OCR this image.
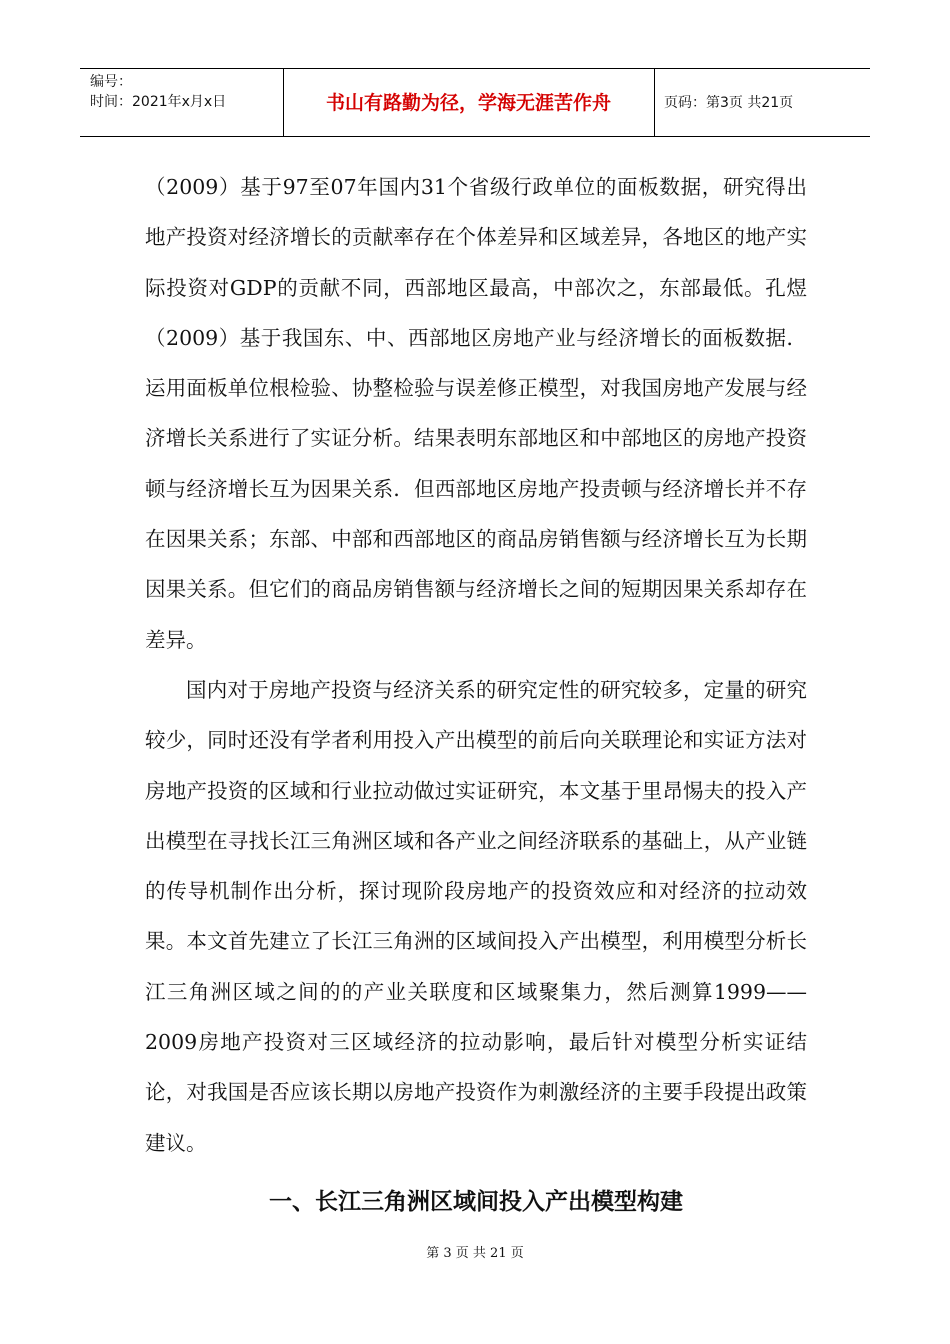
编号：
时间：2021年x月x日	书山有路勤为径，学海无涯苦作舟	页码：第3页 共21页

（2009）基于97至07年国内31个省级行政单位的面板数据，研究得出地产投资对经济增长的贡献率存在个体差异和区域差异，各地区的地产实际投资对GDP的贡献不同，西部地区最高，中部次之，东部最低。孔煜（2009）基于我国东、中、西部地区房地产业与经济增长的面板数据．运用面板单位根检验、协整检验与误差修正模型，对我国房地产发展与经济增长关系进行了实证分析。结果表明东部地区和中部地区的房地产投资顿与经济增长互为因果关系．但西部地区房地产投责顿与经济增长并不存在因果关系；东部、中部和西部地区的商品房销售额与经济增长互为长期因果关系。但它们的商品房销售额与经济增长之间的短期因果关系却存在差异。

国内对于房地产投资与经济关系的研究定性的研究较多，定量的研究较少，同时还没有学者利用投入产出模型的前后向关联理论和实证方法对房地产投资的区域和行业拉动做过实证研究，本文基于里昂惕夫的投入产出模型在寻找长江三角洲区域和各产业之间经济联系的基础上，从产业链的传导机制作出分析，探讨现阶段房地产的投资效应和对经济的拉动效果。本文首先建立了长江三角洲的区域间投入产出模型，利用模型分析长江三角洲区域之间的的产业关联度和区域聚集力，然后测算1999——2009房地产投资对三区域经济的拉动影响，最后针对模型分析实证结论，对我国是否应该长期以房地产投资作为刺激经济的主要手段提出政策建议。

一、长江三角洲区域间投入产出模型构建
第 3 页 共 21 页
